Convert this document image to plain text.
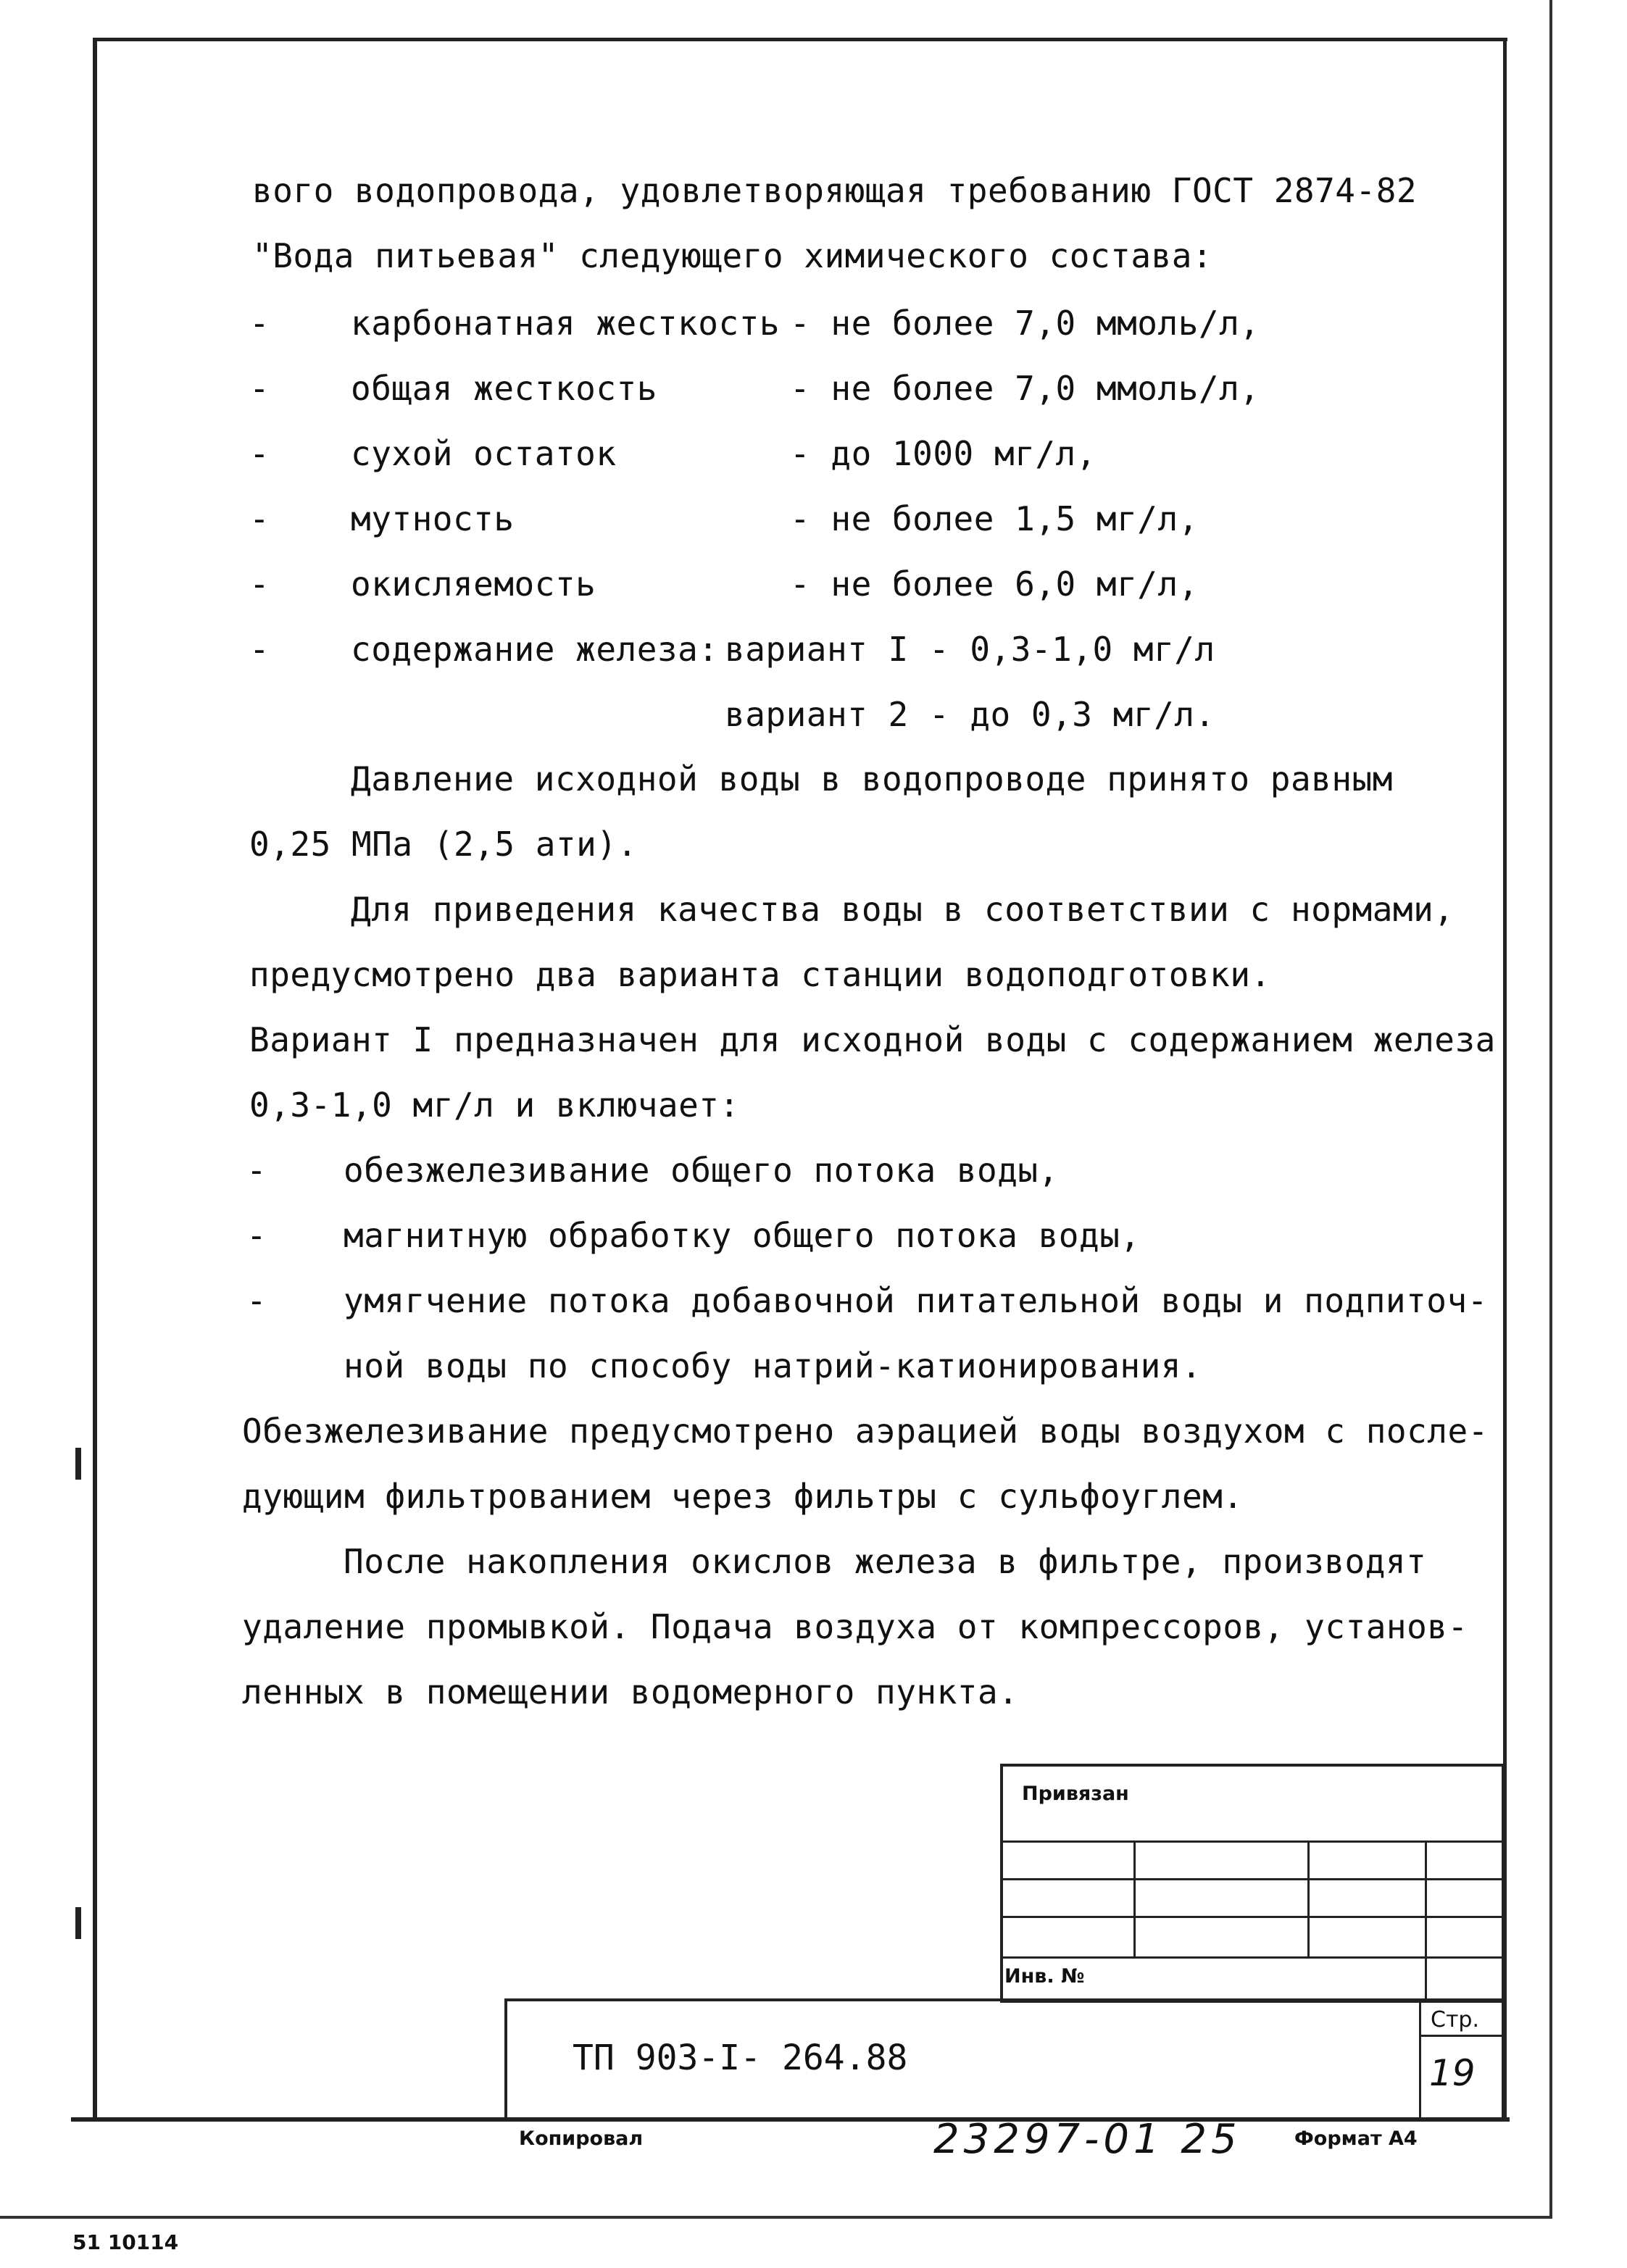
вого водопровода, удовлетворяющая требованию ГОСТ 2874-82
"Вода питьевая" следующего химического состава:
- карбонатная жесткость - не более 7,0 ммоль/л,
- общая жесткость	- не более 7,0 ммоль/л,
- сухой остаток	- до 1000 мг/л,
- мутность	- не более 1,5 мг/л,
- окисляемость	- не более 6,0 мг/л,
- содержание железа: вариант I - 0,3-1,0 мг/л
вариант 2 - до 0,3 мг/л.
Давление исходной воды в водопроводе принято равным
0,25 МПа (2,5 ати).
Для приведения качества воды в соответствии с нормами,
предусмотрено два варианта станции водоподготовки.
Вариант I предназначен для исходной воды с содержанием железа
0,3-1,0 мг/л и включает:
- обезжелезивание общего потока воды,
- магнитную обработку общего потока воды,
- умягчение потока добавочной питательной воды и подпиточ-
ной воды по способу натрий-катионирования.
Обезжелезивание предусмотрено аэрацией воды воздухом с после-
дующим фильтрованием через фильтры с сульфоуглем.
После накопления окислов железа в фильтре, производят
удаление промывкой. Подача воздуха от компрессоров, установ-
ленных в помещении водомерного пункта.
Привязан
Инв. №
ТП 903-I- 264.88
Стр.
19
Копировал	23297-01 25	Формат А4
51 10114
